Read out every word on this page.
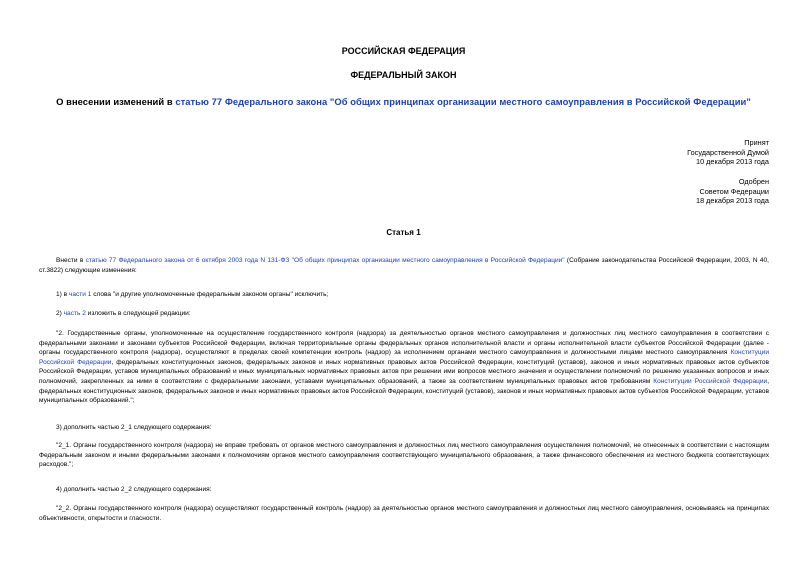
РОССИЙСКАЯ ФЕДЕРАЦИЯ
ФЕДЕРАЛЬНЫЙ ЗАКОН
О внесении изменений в статью 77 Федерального закона "Об общих принципах организации местного самоуправления в Российской Федерации"
Принят
Государственной Думой
10 декабря 2013 года
Одобрен
Советом Федерации
18 декабря 2013 года
Статья 1

Внести в статью 77 Федерального закона от 6 октября 2003 года N 131-ФЗ "Об общих принципах организации местного самоуправления в Российской Федерации" (Собрание законодательства Российской Федерации, 2003, N 40, ст.3822) следующие изменения:

1) в части 1 слова "и другие уполномоченные федеральным законом органы" исключить;

2) часть 2 изложить в следующей редакции:

"2. Государственные органы, уполномоченные на осуществление государственного контроля (надзора) за деятельностью органов местного самоуправления и должностных лиц местного самоуправления в соответствии с федеральными законами и законами субъектов Российской Федерации, включая территориальные органы федеральных органов исполнительной власти и органы исполнительной власти субъектов Российской Федерации (далее - органы государственного контроля (надзора), осуществляют в пределах своей компетенции контроль (надзор) за исполнением органами местного самоуправления и должностными лицами местного самоуправления Конституции Российской Федерации, федеральных конституционных законов, федеральных законов и иных нормативных правовых актов Российской Федерации, конституций (уставов), законов и иных нормативных правовых актов субъектов Российской Федерации, уставов муниципальных образований и иных муниципальных нормативных правовых актов при решении ими вопросов местного значения и осуществлении полномочий по решению указанных вопросов и иных полномочий, закрепленных за ними в соответствии с федеральными законами, уставами муниципальных образований, а также за соответствием муниципальных правовых актов требованиям Конституции Российской Федерации, федеральных конституционных законов, федеральных законов и иных нормативных правовых актов Российской Федерации, конституций (уставов), законов и иных нормативных правовых актов субъектов Российской Федерации, уставов муниципальных образований.";

3) дополнить частью 2_1 следующего содержания:

"2_1. Органы государственного контроля (надзора) не вправе требовать от органов местного самоуправления и должностных лиц местного самоуправления осуществления полномочий, не отнесенных в соответствии с настоящим Федеральным законом и иными федеральными законами к полномочиям органов местного самоуправления соответствующего муниципального образования, а также финансового обеспечения из местного бюджета соответствующих расходов.";

4) дополнить частью 2_2 следующего содержания:

"2_2. Органы государственного контроля (надзора) осуществляют государственный контроль (надзор) за деятельностью органов местного самоуправления и должностных лиц местного самоуправления, основываясь на принципах объективности, открытости и гласности.
